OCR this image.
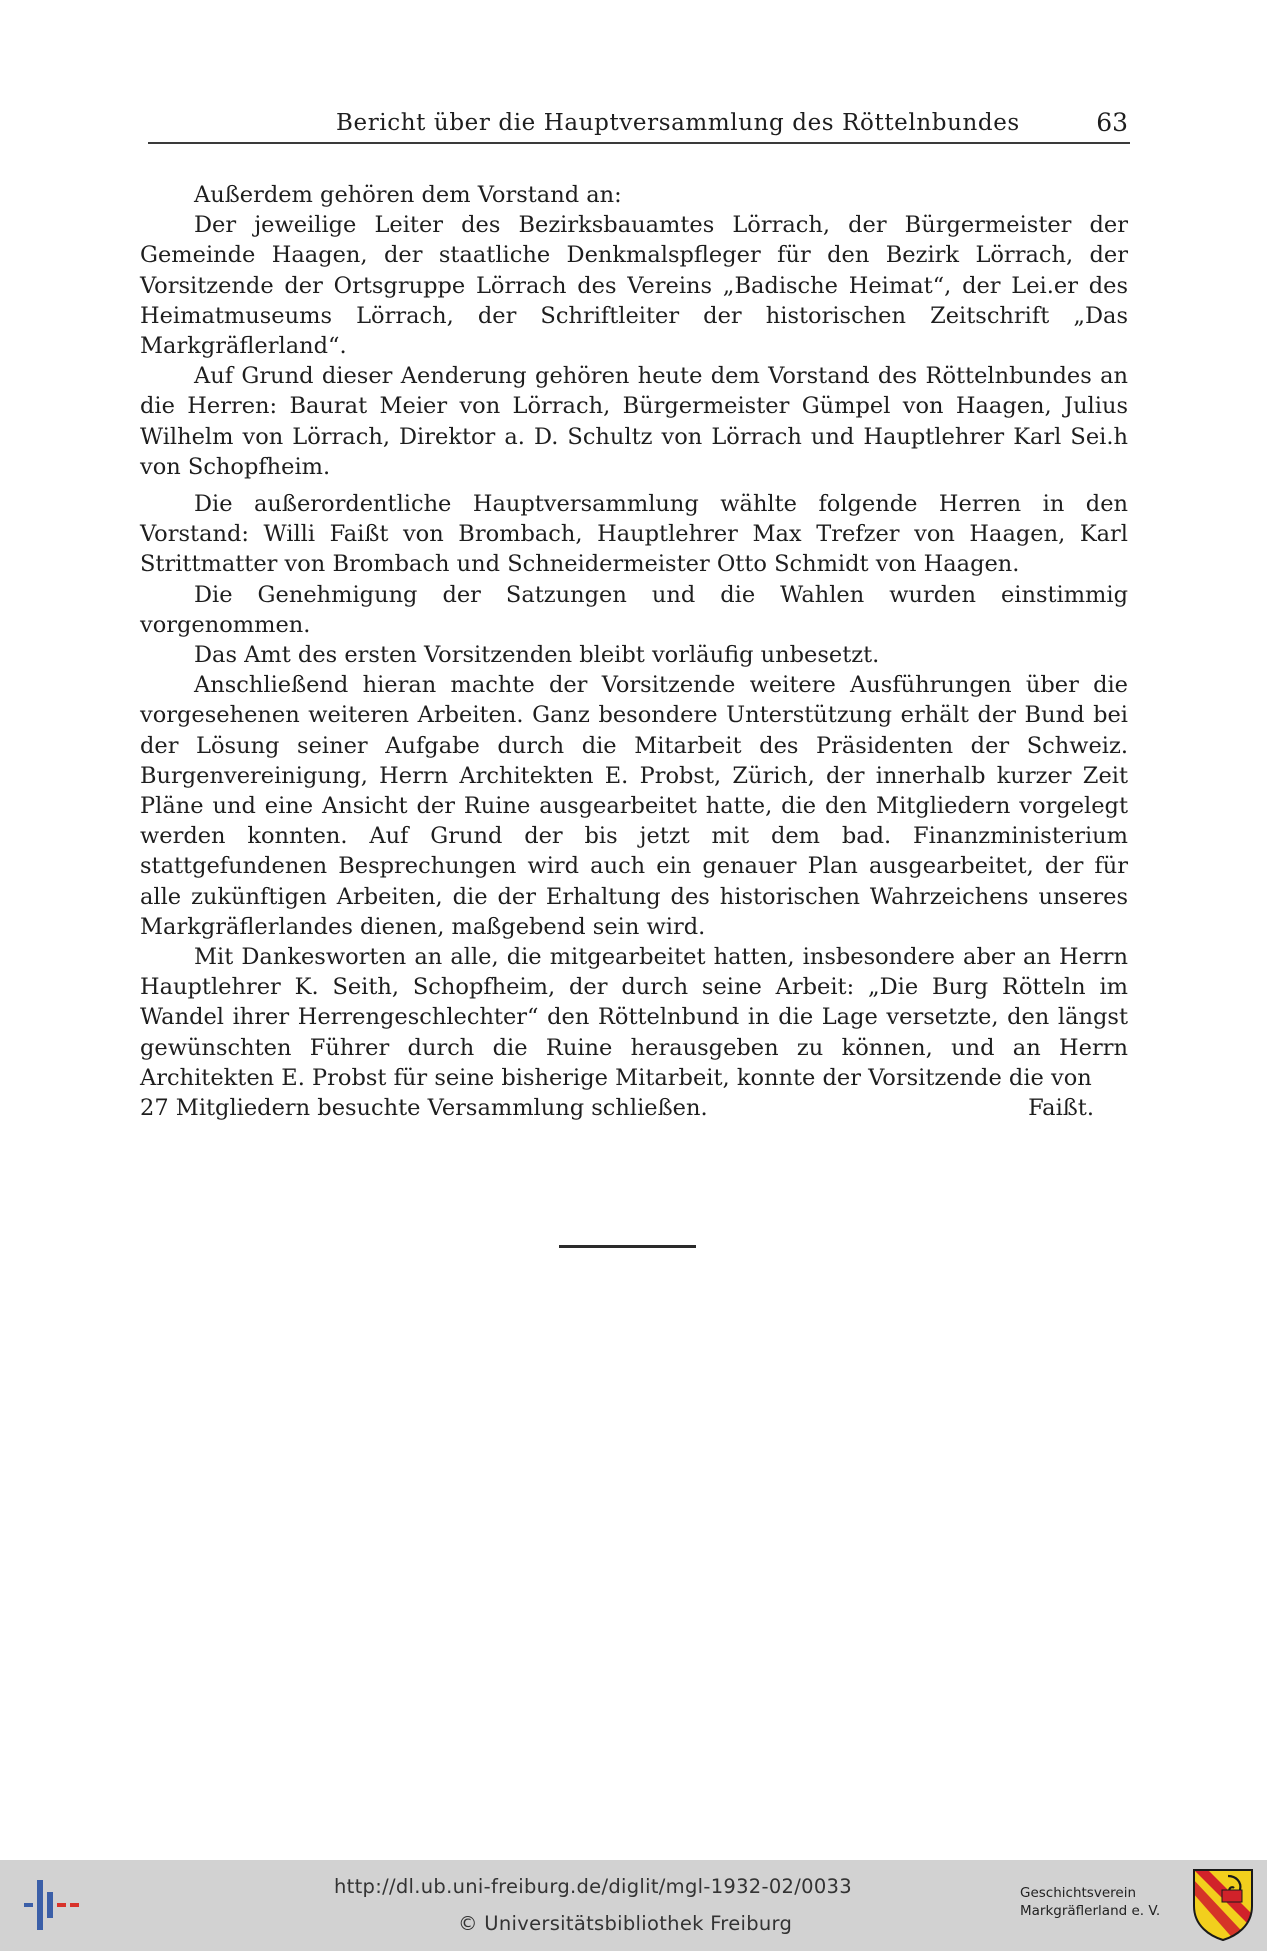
Bericht über die Hauptversammlung des Röttelnbundes	63

Außerdem gehören dem Vorstand an:

Der jeweilige Leiter des Bezirksbauamtes Lörrach, der Bürgermeister der Gemeinde Haagen, der staatliche Denkmalspfleger für den Bezirk Lörrach, der Vorsitzende der Ortsgruppe Lörrach des Vereins „Badische Heimat“, der Lei.er des Heimatmuseums Lörrach, der Schriftleiter der historischen Zeitschrift „Das Markgräflerland“.

Auf Grund dieser Aenderung gehören heute dem Vorstand des Röttelnbundes an die Herren: Baurat Meier von Lörrach, Bürgermeister Gümpel von Haagen, Julius Wilhelm von Lörrach, Direktor a. D. Schultz von Lörrach und Hauptlehrer Karl Sei.h von Schopfheim.

Die außerordentliche Hauptversammlung wählte folgende Herren in den Vorstand: Willi Faißt von Brombach, Hauptlehrer Max Trefzer von Haagen, Karl Strittmatter von Brombach und Schneidermeister Otto Schmidt von Haagen.

Die Genehmigung der Satzungen und die Wahlen wurden einstimmig vorgenommen.

Das Amt des ersten Vorsitzenden bleibt vorläufig unbesetzt.

Anschließend hieran machte der Vorsitzende weitere Ausführungen über die vorgesehenen weiteren Arbeiten. Ganz besondere Unterstützung erhält der Bund bei der Lösung seiner Aufgabe durch die Mitarbeit des Präsidenten der Schweiz. Burgenvereinigung, Herrn Architekten E. Probst, Zürich, der innerhalb kurzer Zeit Pläne und eine Ansicht der Ruine ausgearbeitet hatte, die den Mitgliedern vorgelegt werden konnten. Auf Grund der bis jetzt mit dem bad. Finanzministerium stattgefundenen Besprechungen wird auch ein genauer Plan ausgearbeitet, der für alle zukünftigen Arbeiten, die der Erhaltung des historischen Wahrzeichens unseres Markgräflerlandes dienen, maßgebend sein wird.

Mit Dankesworten an alle, die mitgearbeitet hatten, insbesondere aber an Herrn Hauptlehrer K. Seith, Schopfheim, der durch seine Arbeit: „Die Burg Rötteln im Wandel ihrer Herrengeschlechter“ den Röttelnbund in die Lage versetzte, den längst gewünschten Führer durch die Ruine herausgeben zu können, und an Herrn Architekten E. Probst für seine bisherige Mitarbeit, konnte der Vorsitzende die von

27 Mitgliedern besuchte Versammlung schließen.	Faißt.
http://dl.ub.uni-freiburg.de/diglit/mgl-1932-02/0033
© Universitätsbibliothek Freiburg
Geschichtsverein
Markgräflerland e. V.
